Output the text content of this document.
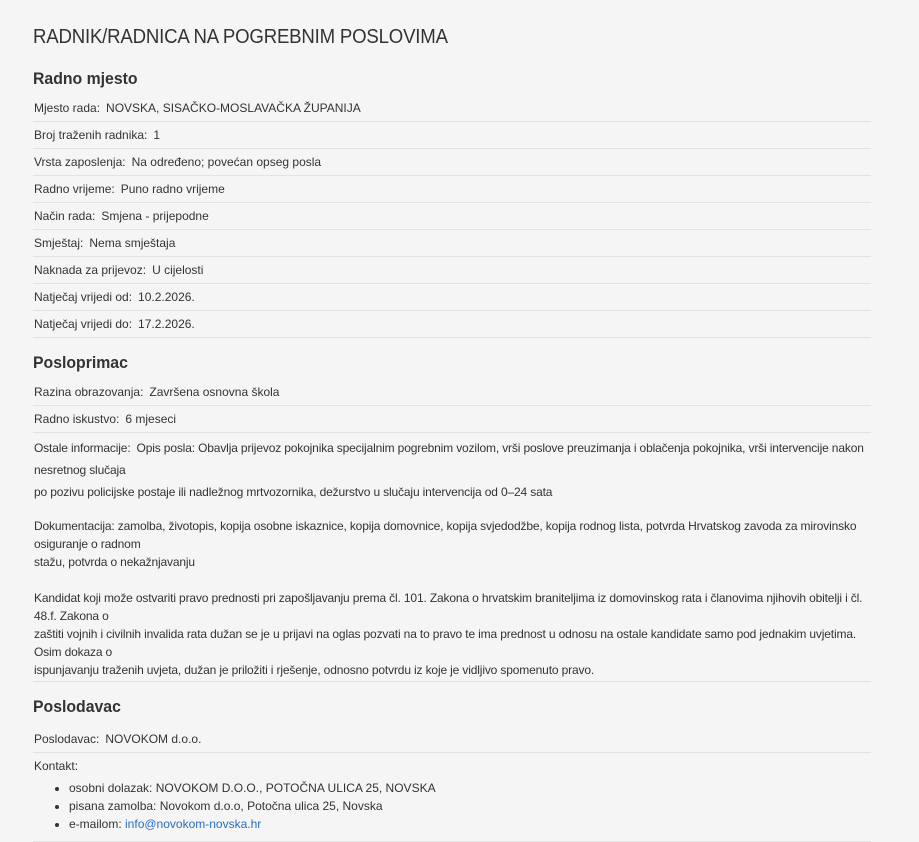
RADNIK/RADNICA NA POGREBNIM POSLOVIMA
Radno mjesto
Mjesto rada: NOVSKA, SISAČKO-MOSLAVAČKA ŽUPANIJA
Broj traženih radnika: 1
Vrsta zaposlenja: Na određeno; povećan opseg posla
Radno vrijeme: Puno radno vrijeme
Način rada: Smjena - prijepodne
Smještaj: Nema smještaja
Naknada za prijevoz: U cijelosti
Natječaj vrijedi od: 10.2.2026.
Natječaj vrijedi do: 17.2.2026.
Posloprimac
Razina obrazovanja: Završena osnovna škola
Radno iskustvo: 6 mjeseci

Ostale informacije: Opis posla: Obavlja prijevoz pokojnika specijalnim pogrebnim vozilom, vrši poslove preuzimanja i oblačenja pokojnika, vrši intervencije nakon nesretnog slučaja

po pozivu policijske postaje ili nadležnog mrtvozornika, dežurstvo u slučaju intervencija od 0–24 sata

Dokumentacija: zamolba, životopis, kopija osobne iskaznice, kopija domovnice, kopija svjedodžbe, kopija rodnog lista, potvrda Hrvatskog zavoda za mirovinsko osiguranje o radnom

stažu, potvrda o nekažnjavanju

Kandidat koji može ostvariti pravo prednosti pri zapošljavanju prema čl. 101. Zakona o hrvatskim braniteljima iz domovinskog rata i članovima njihovih obitelji i čl. 48.f. Zakona o

zaštiti vojnih i civilnih invalida rata dužan se je u prijavi na oglas pozvati na to pravo te ima prednost u odnosu na ostale kandidate samo pod jednakim uvjetima. Osim dokaza o

ispunjavanju traženih uvjeta, dužan je priložiti i rješenje, odnosno potvrdu iz koje je vidljivo spomenuto pravo.

Poslodavac
Poslodavac: NOVOKOM d.o.o.

Kontakt:

• osobni dolazak: NOVOKOM D.O.O., POTOČNA ULICA 25, NOVSKA
• pisana zamolba: Novokom d.o.o, Potočna ulica 25, Novska
• e-mailom: info@novokom-novska.hr
